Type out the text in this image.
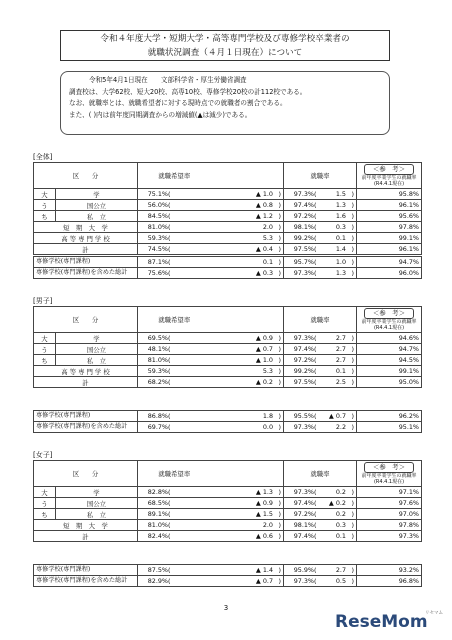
令和４年度大学・短期大学・高等専門学校及び専修学校卒業者の
就職状況調査（４月１日現在）について
令和5年4月1日現在　　文部科学省・厚生労働省調査
調査校は、大学62校、短大20校、高専10校、専修学校20校の計112校である。
なお、就職率とは、就職希望者に対する現時点での就職者の割合である。
また、( )内は前年度同期調査からの増減値(▲は減少)である。
[全体]
区　　分		就職希望率		就職率	＜参　考＞
前年度卒業学生の就職率
(R4.4.1現在)

大	学	75.1% ( ▲ 1.0 )		97.3% ( 1.5 )	95.8%
う	国公立	56.0% ( ▲ 0.8 )		97.4% ( 1.3 )	96.1%
ち	私　立	84.5% ( ▲ 1.2 )		97.2% ( 1.6 )	95.6%
短　期　大　学		81.0% ( 2.0 )		98.1% ( 0.3 )	97.8%
高 等 専 門 学 校		59.3% ( 5.3 )		99.2% ( 0.1 )	99.1%
計		74.5% ( ▲ 0.4 )		97.5% ( 1.4 )	96.1%
専修学校(専門課程)	87.1% ( 0.1 )	95.7% ( 1.0 )	94.7%
専修学校(専門課程)を含めた総計	75.6% ( ▲ 0.3 )	97.3% ( 1.3 )	96.0%
[男子]
区　　分		就職希望率		就職率	＜参　考＞
前年度卒業学生の就職率
(R4.4.1現在)

大	学	69.5% ( ▲ 0.9 )		97.3% ( 2.7 )	94.6%
う	国公立	48.1% ( ▲ 0.7 )		97.4% ( 2.7 )	94.7%
ち	私　立	81.0% ( ▲ 1.0 )		97.2% ( 2.7 )	94.5%
高 等 専 門 学 校		59.3% ( 5.3 )		99.2% ( 0.1 )	99.1%
計		68.2% ( ▲ 0.2 )		97.5% ( 2.5 )	95.0%
専修学校(専門課程)	86.8% ( 1.8 )	95.5% ( ▲ 0.7 )	96.2%
専修学校(専門課程)を含めた総計	69.7% ( 0.0 )	97.3% ( 2.2 )	95.1%
[女子]
区　　分		就職希望率		就職率	＜参　考＞
前年度卒業学生の就職率
(R4.4.1現在)

大	学	82.8% ( ▲ 1.3 )		97.3% ( 0.2 )	97.1%
う	国公立	68.5% ( ▲ 0.9 )		97.4% ( ▲ 0.2 )	97.6%
ち	私　立	89.1% ( ▲ 1.5 )		97.2% ( 0.2 )	97.0%
短　期　大　学		81.0% ( 2.0 )		98.1% ( 0.3 )	97.8%
計		82.4% ( ▲ 0.6 )		97.4% ( 0.1 )	97.3%
専修学校(専門課程)	87.5% ( ▲ 1.4 )	95.9% ( 2.7 )	93.2%
専修学校(専門課程)を含めた総計	82.9% ( ▲ 0.7 )	97.3% ( 0.5 )	96.8%
3
ReseMom
リセマム
